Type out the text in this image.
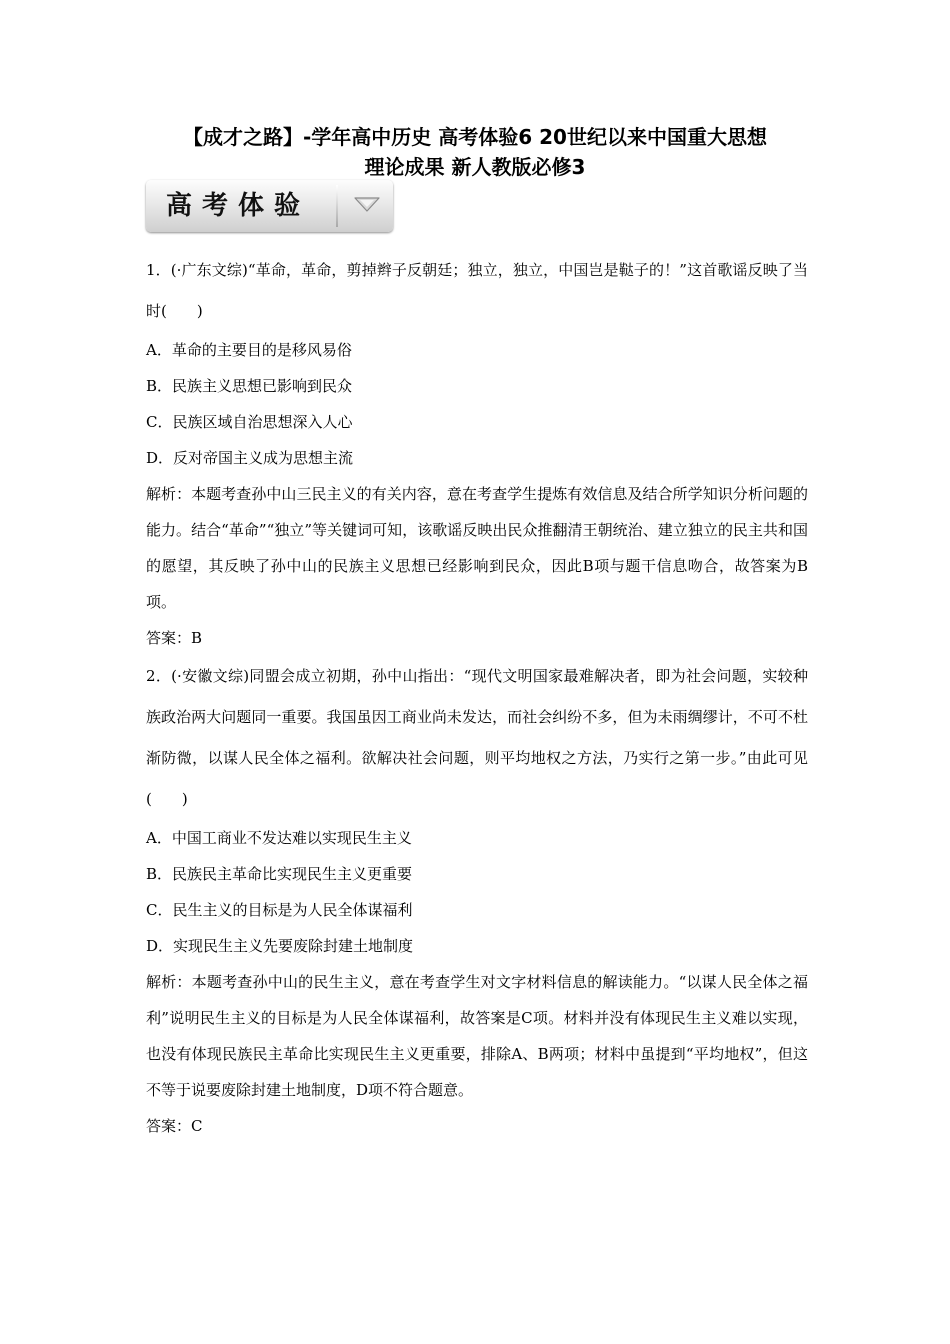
【成才之路】-学年高中历史 高考体验6 20世纪以来中国重大思想
理论成果 新人教版必修3
高考体验

1．(·广东文综)“革命，革命，剪掉辫子反朝廷；独立，独立，中国岂是鞑子的！”这首歌谣反映了当时(　　)

A．革命的主要目的是移风易俗

B．民族主义思想已影响到民众

C．民族区域自治思想深入人心

D．反对帝国主义成为思想主流

解析：本题考查孙中山三民主义的有关内容，意在考查学生提炼有效信息及结合所学知识分析问题的能力。结合“革命”“独立”等关键词可知，该歌谣反映出民众推翻清王朝统治、建立独立的民主共和国的愿望，其反映了孙中山的民族主义思想已经影响到民众，因此B项与题干信息吻合，故答案为B项。

答案：B

2．(·安徽文综)同盟会成立初期，孙中山指出：“现代文明国家最难解决者，即为社会问题，实较种族政治两大问题同一重要。我国虽因工商业尚未发达，而社会纠纷不多，但为未雨绸缪计，不可不杜渐防微，以谋人民全体之福利。欲解决社会问题，则平均地权之方法，乃实行之第一步。”由此可见(　　)

A．中国工商业不发达难以实现民生主义

B．民族民主革命比实现民生主义更重要

C．民生主义的目标是为人民全体谋福利

D．实现民生主义先要废除封建土地制度

解析：本题考查孙中山的民生主义，意在考查学生对文字材料信息的解读能力。“以谋人民全体之福利”说明民生主义的目标是为人民全体谋福利，故答案是C项。材料并没有体现民生主义难以实现，也没有体现民族民主革命比实现民生主义更重要，排除A、B两项；材料中虽提到“平均地权”，但这不等于说要废除封建土地制度，D项不符合题意。

答案：C
